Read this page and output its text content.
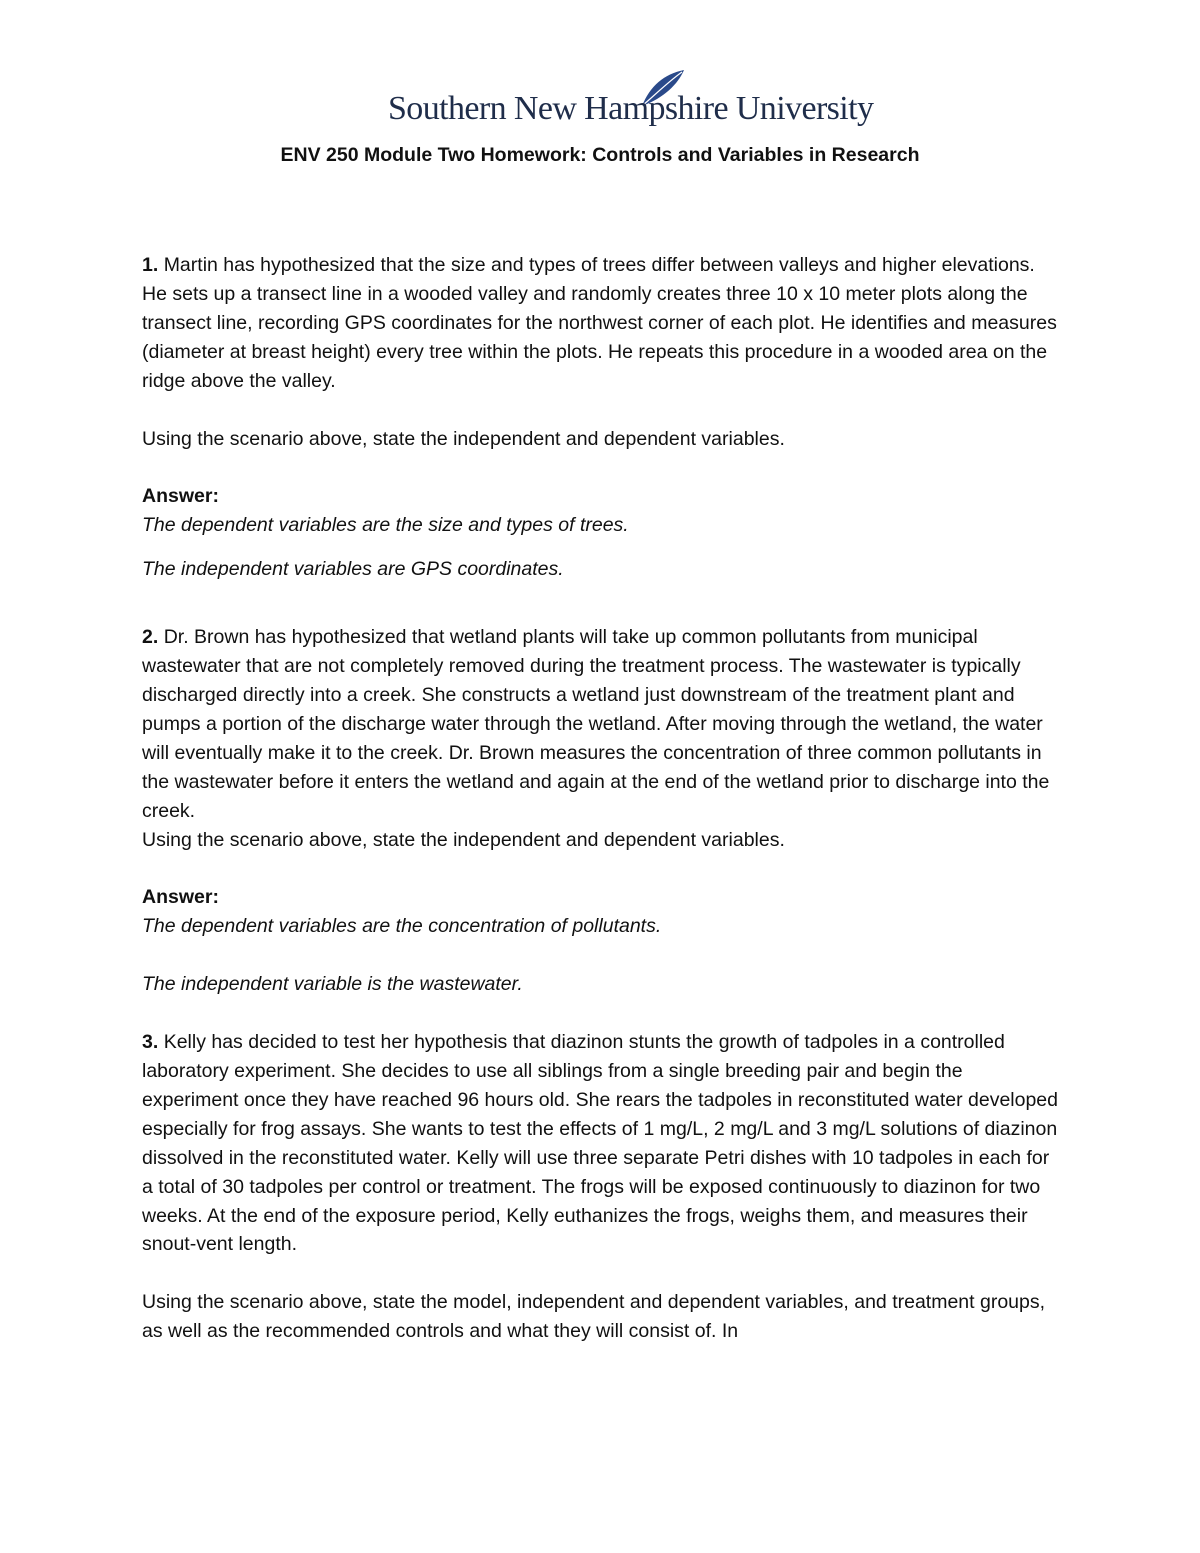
Southern New Hampshire University
ENV 250 Module Two Homework: Controls and Variables in Research

1. Martin has hypothesized that the size and types of trees differ between valleys and higher elevations. He sets up a transect line in a wooded valley and randomly creates three 10 x 10 meter plots along the transect line, recording GPS coordinates for the northwest corner of each plot. He identifies and measures (diameter at breast height) every tree within the plots. He repeats this procedure in a wooded area on the ridge above the valley.

Using the scenario above, state the independent and dependent variables.

Answer:

The dependent variables are the size and types of trees.

The independent variables are GPS coordinates.

2. Dr. Brown has hypothesized that wetland plants will take up common pollutants from municipal wastewater that are not completely removed during the treatment process. The wastewater is typically discharged directly into a creek. She constructs a wetland just downstream of the treatment plant and pumps a portion of the discharge water through the wetland. After moving through the wetland, the water will eventually make it to the creek. Dr. Brown measures the concentration of three common pollutants in the wastewater before it enters the wetland and again at the end of the wetland prior to discharge into the creek.

Using the scenario above, state the independent and dependent variables.

Answer:

The dependent variables are the concentration of pollutants.

The independent variable is the wastewater.

3. Kelly has decided to test her hypothesis that diazinon stunts the growth of tadpoles in a controlled laboratory experiment. She decides to use all siblings from a single breeding pair and begin the experiment once they have reached 96 hours old. She rears the tadpoles in reconstituted water developed especially for frog assays. She wants to test the effects of 1 mg/L, 2 mg/L and 3 mg/L solutions of diazinon dissolved in the reconstituted water. Kelly will use three separate Petri dishes with 10 tadpoles in each for a total of 30 tadpoles per control or treatment. The frogs will be exposed continuously to diazinon for two weeks. At the end of the exposure period, Kelly euthanizes the frogs, weighs them, and measures their snout-vent length.

Using the scenario above, state the model, independent and dependent variables, and treatment groups, as well as the recommended controls and what they will consist of. In
